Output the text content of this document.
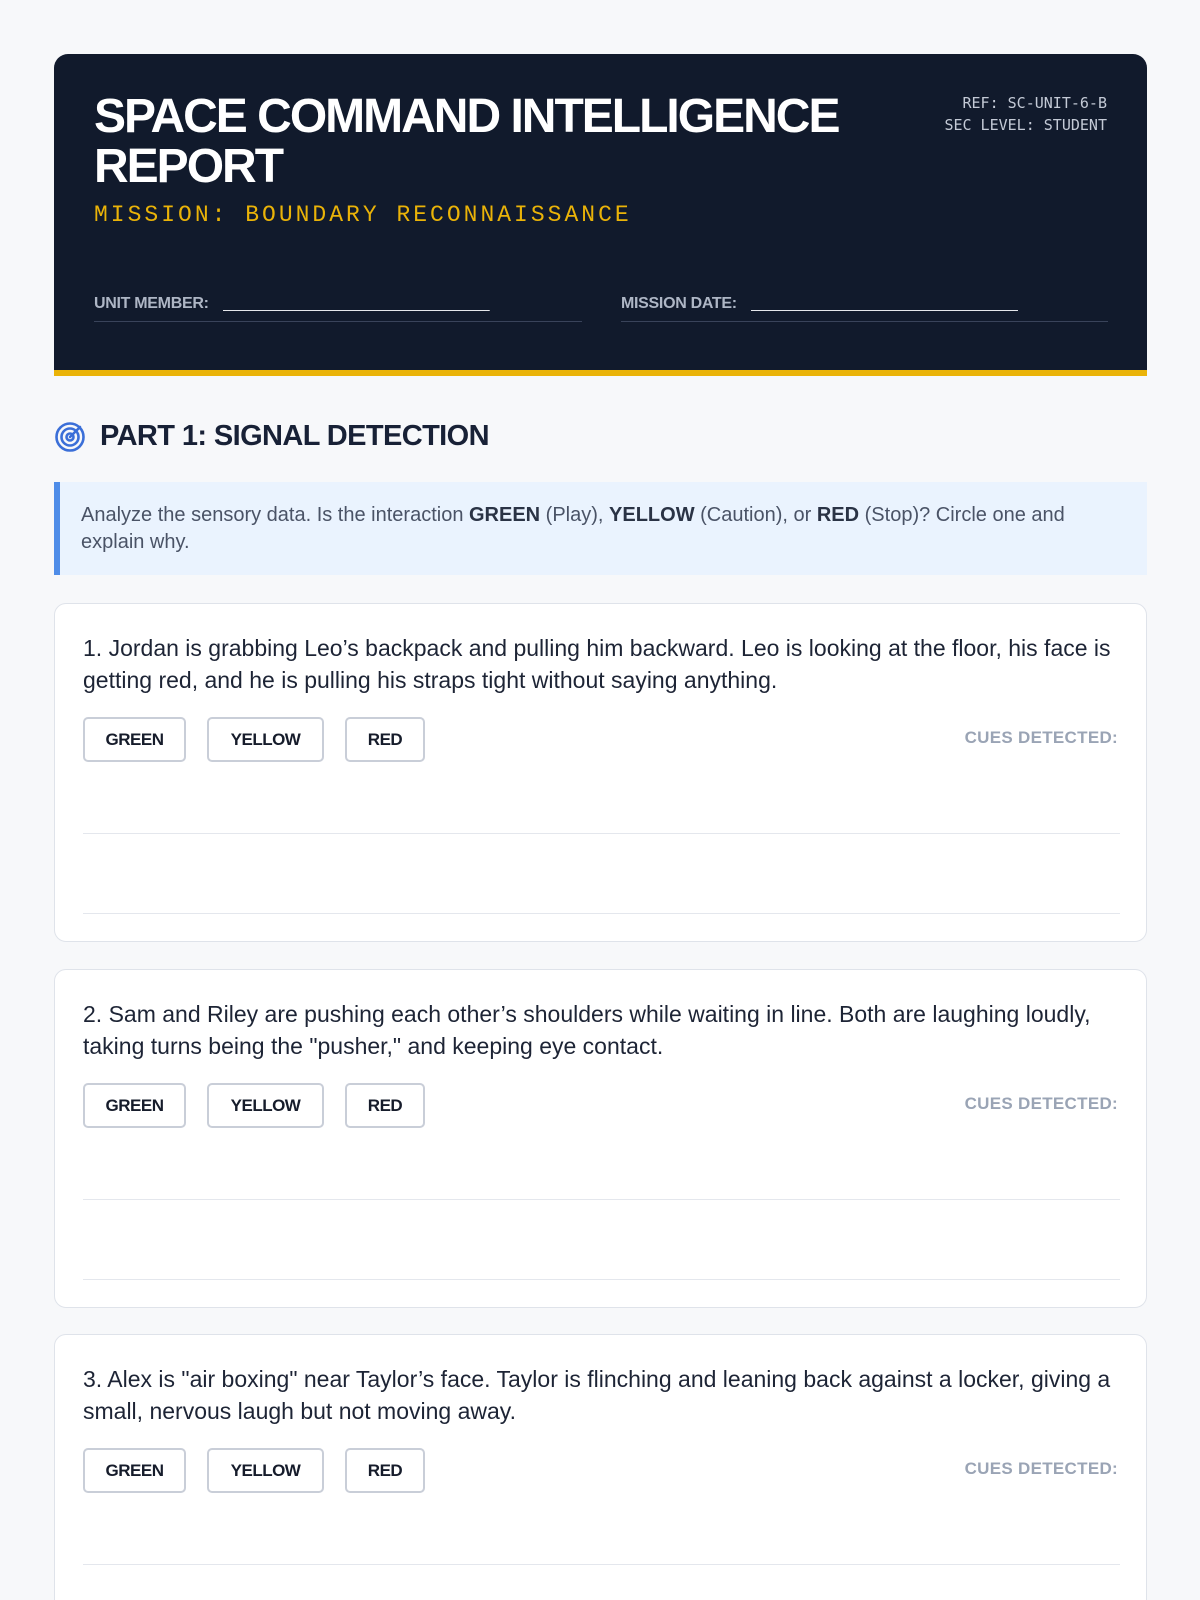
SPACE COMMAND INTELLIGENCE
REPORT
REF: SC-UNIT-6-B
SEC LEVEL: STUDENT
MISSION: BOUNDARY RECONNAISSANCE
UNIT MEMBER: ______________________________	MISSION DATE: ______________________________
PART 1: SIGNAL DETECTION
Analyze the sensory data. Is the interaction GREEN (Play), YELLOW (Caution), or RED (Stop)? Circle one and explain why.
1. Jordan is grabbing Leo’s backpack and pulling him backward. Leo is looking at the floor, his face is getting red, and he is pulling his straps tight without saying anything.
GREEN	YELLOW	RED	CUES DETECTED:
2. Sam and Riley are pushing each other’s shoulders while waiting in line. Both are laughing loudly, taking turns being the "pusher," and keeping eye contact.
GREEN	YELLOW	RED	CUES DETECTED:
3. Alex is "air boxing" near Taylor’s face. Taylor is flinching and leaning back against a locker, giving a small, nervous laugh but not moving away.
GREEN	YELLOW	RED	CUES DETECTED:
